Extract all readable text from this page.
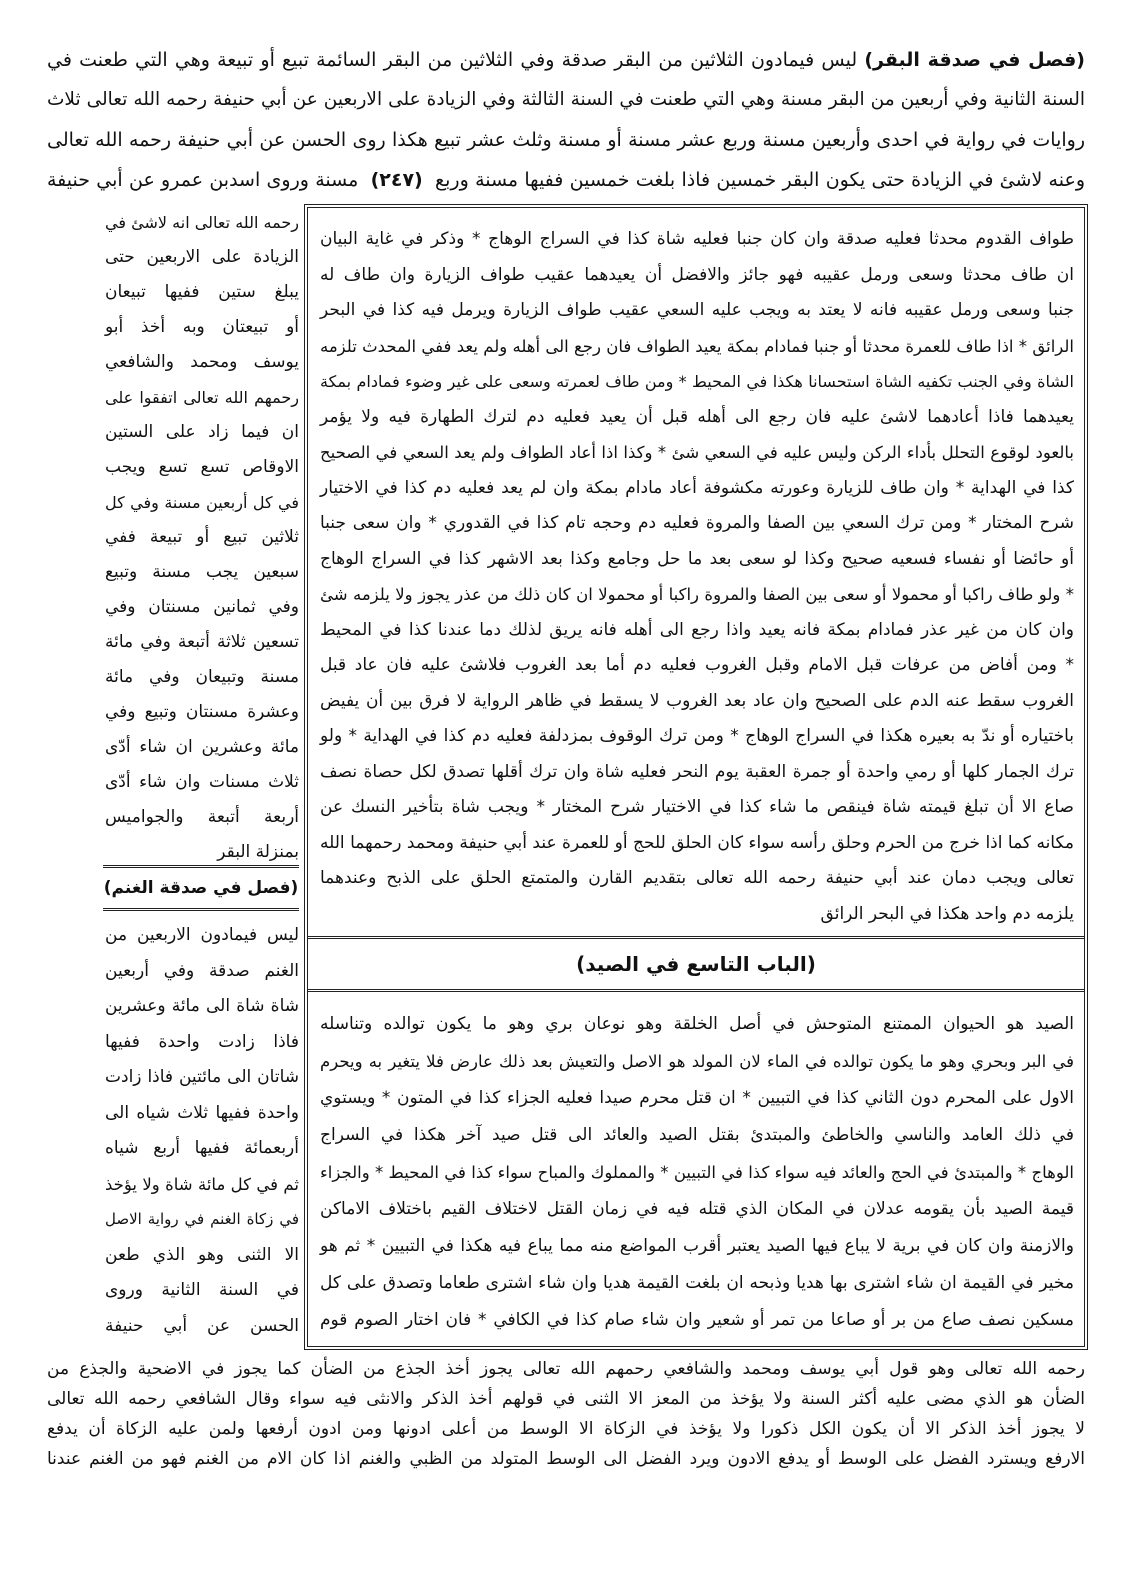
(فصل في صدقة البقر) ليس فيمادون الثلاثين من البقر صدقة وفي الثلاثين من البقر السائمة تبيع أو تبيعة وهي التي طعنت في
السنة الثانية وفي أربعين من البقر مسنة وهي التي طعنت في السنة الثالثة وفي الزيادة على الاربعين عن أبي حنيفة رحمه الله تعالى ثلاث
روايات في رواية في احدى وأربعين مسنة وربع عشر مسنة أو مسنة وثلث عشر تبيع هكذا روى الحسن عن أبي حنيفة رحمه الله تعالى
وعنه لاشئ في الزيادة حتى يكون البقر خمسين فاذا بلغت خمسين ففيها مسنة وربع (٢٤٧) مسنة وروى اسدبن عمرو عن أبي حنيفة
رحمه الله تعالى انه لاشئ في
الزيادة على الاربعين حتى
يبلغ ستين ففيها تبيعان
أو تبيعتان وبه أخذ أبو
يوسف ومحمد والشافعي
رحمهم الله تعالى اتفقوا على
ان فيما زاد على الستين
الاوقاص تسع تسع ويجب
في كل أربعين مسنة وفي كل
ثلاثين تبيع أو تبيعة ففي
سبعين يجب مسنة وتبيع
وفي ثمانين مسنتان وفي
تسعين ثلاثة أتبعة وفي مائة
مسنة وتبيعان وفي مائة
وعشرة مسنتان وتبيع وفي
مائة وعشرين ان شاء أدّى
ثلاث مسنات وان شاء أدّى
أربعة أتبعة والجواميس
بمنزلة البقر
(فصل في صدقة الغنم)
ليس فيمادون الاربعين من
الغنم صدقة وفي أربعين
شاة شاة الى مائة وعشرين
فاذا زادت واحدة ففيها
شاتان الى مائتين فاذا زادت
واحدة ففيها ثلاث شياه الى
أربعمائة ففيها أربع شياه
ثم في كل مائة شاة ولا يؤخذ
في زكاة الغنم في رواية الاصل
الا الثنى وهو الذي طعن
في السنة الثانية وروى
الحسن عن أبي حنيفة
طواف القدوم محدثا فعليه صدقة وان كان جنبا فعليه شاة كذا في السراج الوهاج * وذكر في غاية البيان
ان طاف محدثا وسعى ورمل عقيبه فهو جائز والافضل أن يعيدهما عقيب طواف الزيارة وان طاف له
جنبا وسعى ورمل عقيبه فانه لا يعتد به ويجب عليه السعي عقيب طواف الزيارة ويرمل فيه كذا في البحر
الرائق * اذا طاف للعمرة محدثا أو جنبا فمادام بمكة يعيد الطواف فان رجع الى أهله ولم يعد ففي المحدث تلزمه
الشاة وفي الجنب تكفيه الشاة استحسانا هكذا في المحيط * ومن طاف لعمرته وسعى على غير وضوء فمادام بمكة
يعيدهما فاذا أعادهما لاشئ عليه فان رجع الى أهله قبل أن يعيد فعليه دم لترك الطهارة فيه ولا يؤمر
بالعود لوقوع التحلل بأداء الركن وليس عليه في السعي شئ * وكذا اذا أعاد الطواف ولم يعد السعي في الصحيح
كذا في الهداية * وان طاف للزيارة وعورته مكشوفة أعاد مادام بمكة وان لم يعد فعليه دم كذا في الاختيار
شرح المختار * ومن ترك السعي بين الصفا والمروة فعليه دم وحجه تام كذا في القدوري * وان سعى جنبا
أو حائضا أو نفساء فسعيه صحيح وكذا لو سعى بعد ما حل وجامع وكذا بعد الاشهر كذا في السراج الوهاج
* ولو طاف راكبا أو محمولا أو سعى بين الصفا والمروة راكبا أو محمولا ان كان ذلك من عذر يجوز ولا يلزمه شئ
وان كان من غير عذر فمادام بمكة فانه يعيد واذا رجع الى أهله فانه يريق لذلك دما عندنا كذا في المحيط
* ومن أفاض من عرفات قبل الامام وقبل الغروب فعليه دم أما بعد الغروب فلاشئ عليه فان عاد قبل
الغروب سقط عنه الدم على الصحيح وان عاد بعد الغروب لا يسقط في ظاهر الرواية لا فرق بين أن يفيض
باختياره أو ندّ به بعيره هكذا في السراج الوهاج * ومن ترك الوقوف بمزدلفة فعليه دم كذا في الهداية * ولو
ترك الجمار كلها أو رمي واحدة أو جمرة العقبة يوم النحر فعليه شاة وان ترك أقلها تصدق لكل حصاة نصف
صاع الا أن تبلغ قيمته شاة فينقص ما شاء كذا في الاختيار شرح المختار * ويجب شاة بتأخير النسك عن
مكانه كما اذا خرج من الحرم وحلق رأسه سواء كان الحلق للحج أو للعمرة عند أبي حنيفة ومحمد رحمهما الله
تعالى ويجب دمان عند أبي حنيفة رحمه الله تعالى بتقديم القارن والمتمتع الحلق على الذبح وعندهما
يلزمه دم واحد هكذا في البحر الرائق
(الباب التاسع في الصيد)
الصيد هو الحيوان الممتنع المتوحش في أصل الخلقة وهو نوعان بري وهو ما يكون توالده وتناسله
في البر وبحري وهو ما يكون توالده في الماء لان المولد هو الاصل والتعيش بعد ذلك عارض فلا يتغير به ويحرم
الاول على المحرم دون الثاني كذا في التبيين * ان قتل محرم صيدا فعليه الجزاء كذا في المتون * ويستوي
في ذلك العامد والناسي والخاطئ والمبتدئ بقتل الصيد والعائد الى قتل صيد آخر هكذا في السراج
الوهاج * والمبتدئ في الحج والعائد فيه سواء كذا في التبيين * والمملوك والمباح سواء كذا في المحيط * والجزاء
قيمة الصيد بأن يقومه عدلان في المكان الذي قتله فيه في زمان القتل لاختلاف القيم باختلاف الاماكن
والازمنة وان كان في برية لا يباع فيها الصيد يعتبر أقرب المواضع منه مما يباع فيه هكذا في التبيين * ثم هو
مخير في القيمة ان شاء اشترى بها هديا وذبحه ان بلغت القيمة هديا وان شاء اشترى طعاما وتصدق على كل
مسكين نصف صاع من بر أو صاعا من تمر أو شعير وان شاء صام كذا في الكافي * فان اختار الصوم قوم
رحمه الله تعالى وهو قول أبي يوسف ومحمد والشافعي رحمهم الله تعالى يجوز أخذ الجذع من الضأن كما يجوز في الاضحية والجذع من
الضأن هو الذي مضى عليه أكثر السنة ولا يؤخذ من المعز الا الثنى في قولهم أخذ الذكر والانثى فيه سواء وقال الشافعي رحمه الله تعالى
لا يجوز أخذ الذكر الا أن يكون الكل ذكورا ولا يؤخذ في الزكاة الا الوسط من أعلى ادونها ومن ادون أرفعها ولمن عليه الزكاة أن يدفع
الارفع ويسترد الفضل على الوسط أو يدفع الادون ويرد الفضل الى الوسط المتولد من الظبي والغنم اذا كان الام من الغنم فهو من الغنم عندنا
